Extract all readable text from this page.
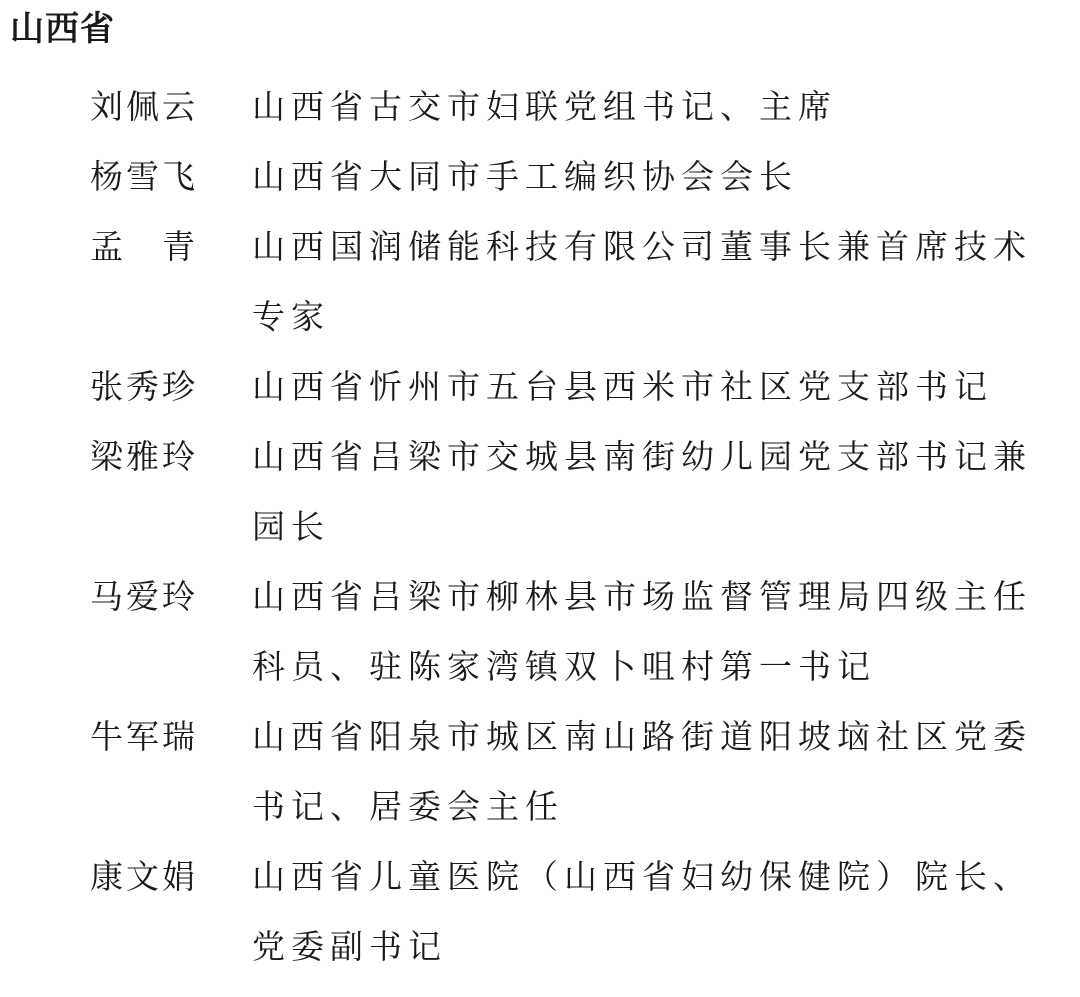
山西省
刘佩云	山西省古交市妇联党组书记、主席
杨雪飞	山西省大同市手工编织协会会长
孟　青	山西国润储能科技有限公司董事长兼首席技术专家
张秀珍	山西省忻州市五台县西米市社区党支部书记
梁雅玲	山西省吕梁市交城县南街幼儿园党支部书记兼园长
马爱玲	山西省吕梁市柳林县市场监督管理局四级主任科员、驻陈家湾镇双卜咀村第一书记
牛军瑞	山西省阳泉市城区南山路街道阳坡垴社区党委书记、居委会主任
康文娟	山西省儿童医院（山西省妇幼保健院）院长、党委副书记
